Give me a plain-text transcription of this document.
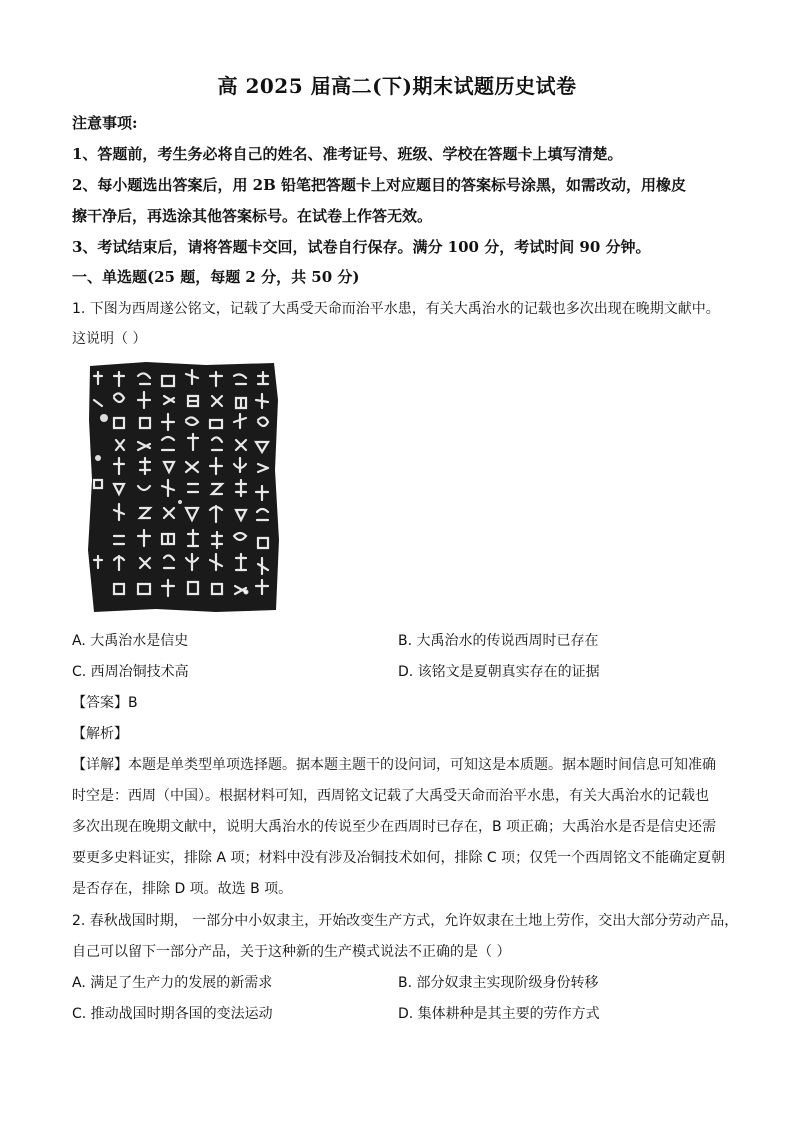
高 2025 届高二(下)期末试题历史试卷
注意事项:
1、答题前，考生务必将自己的姓名、准考证号、班级、学校在答题卡上填写清楚。
2、每小题选出答案后，用 2B 铅笔把答题卡上对应题目的答案标号涂黑，如需改动，用橡皮
擦干净后，再选涂其他答案标号。在试卷上作答无效。
3、考试结束后，请将答题卡交回，试卷自行保存。满分 100 分，考试时间 90 分钟。
一、单选题(25 题，每题 2 分，共 50 分)
1. 下图为西周遂公铭文，记载了大禹受天命而治平水患，有关大禹治水的记载也多次出现在晚期文献中。
这说明（ ）
A. 大禹治水是信史	B. 大禹治水的传说西周时已存在
C. 西周冶铜技术高	D. 该铭文是夏朝真实存在的证据
【答案】B
【解析】
【详解】本题是单类型单项选择题。据本题主题干的设问词，可知这是本质题。据本题时间信息可知准确
时空是：西周（中国）。根据材料可知，西周铭文记载了大禹受天命而治平水患，有关大禹治水的记载也
多次出现在晚期文献中，说明大禹治水的传说至少在西周时已存在，B 项正确；大禹治水是否是信史还需
要更多史料证实，排除 A 项；材料中没有涉及冶铜技术如何，排除 C 项；仅凭一个西周铭文不能确定夏朝
是否存在，排除 D 项。故选 B 项。
2. 春秋战国时期， 一部分中小奴隶主，开始改变生产方式，允许奴隶在土地上劳作，交出大部分劳动产品，
自己可以留下一部分产品，关于这种新的生产模式说法不正确的是（ ）
A. 满足了生产力的发展的新需求	B. 部分奴隶主实现阶级身份转移
C. 推动战国时期各国的变法运动	D. 集体耕种是其主要的劳作方式
